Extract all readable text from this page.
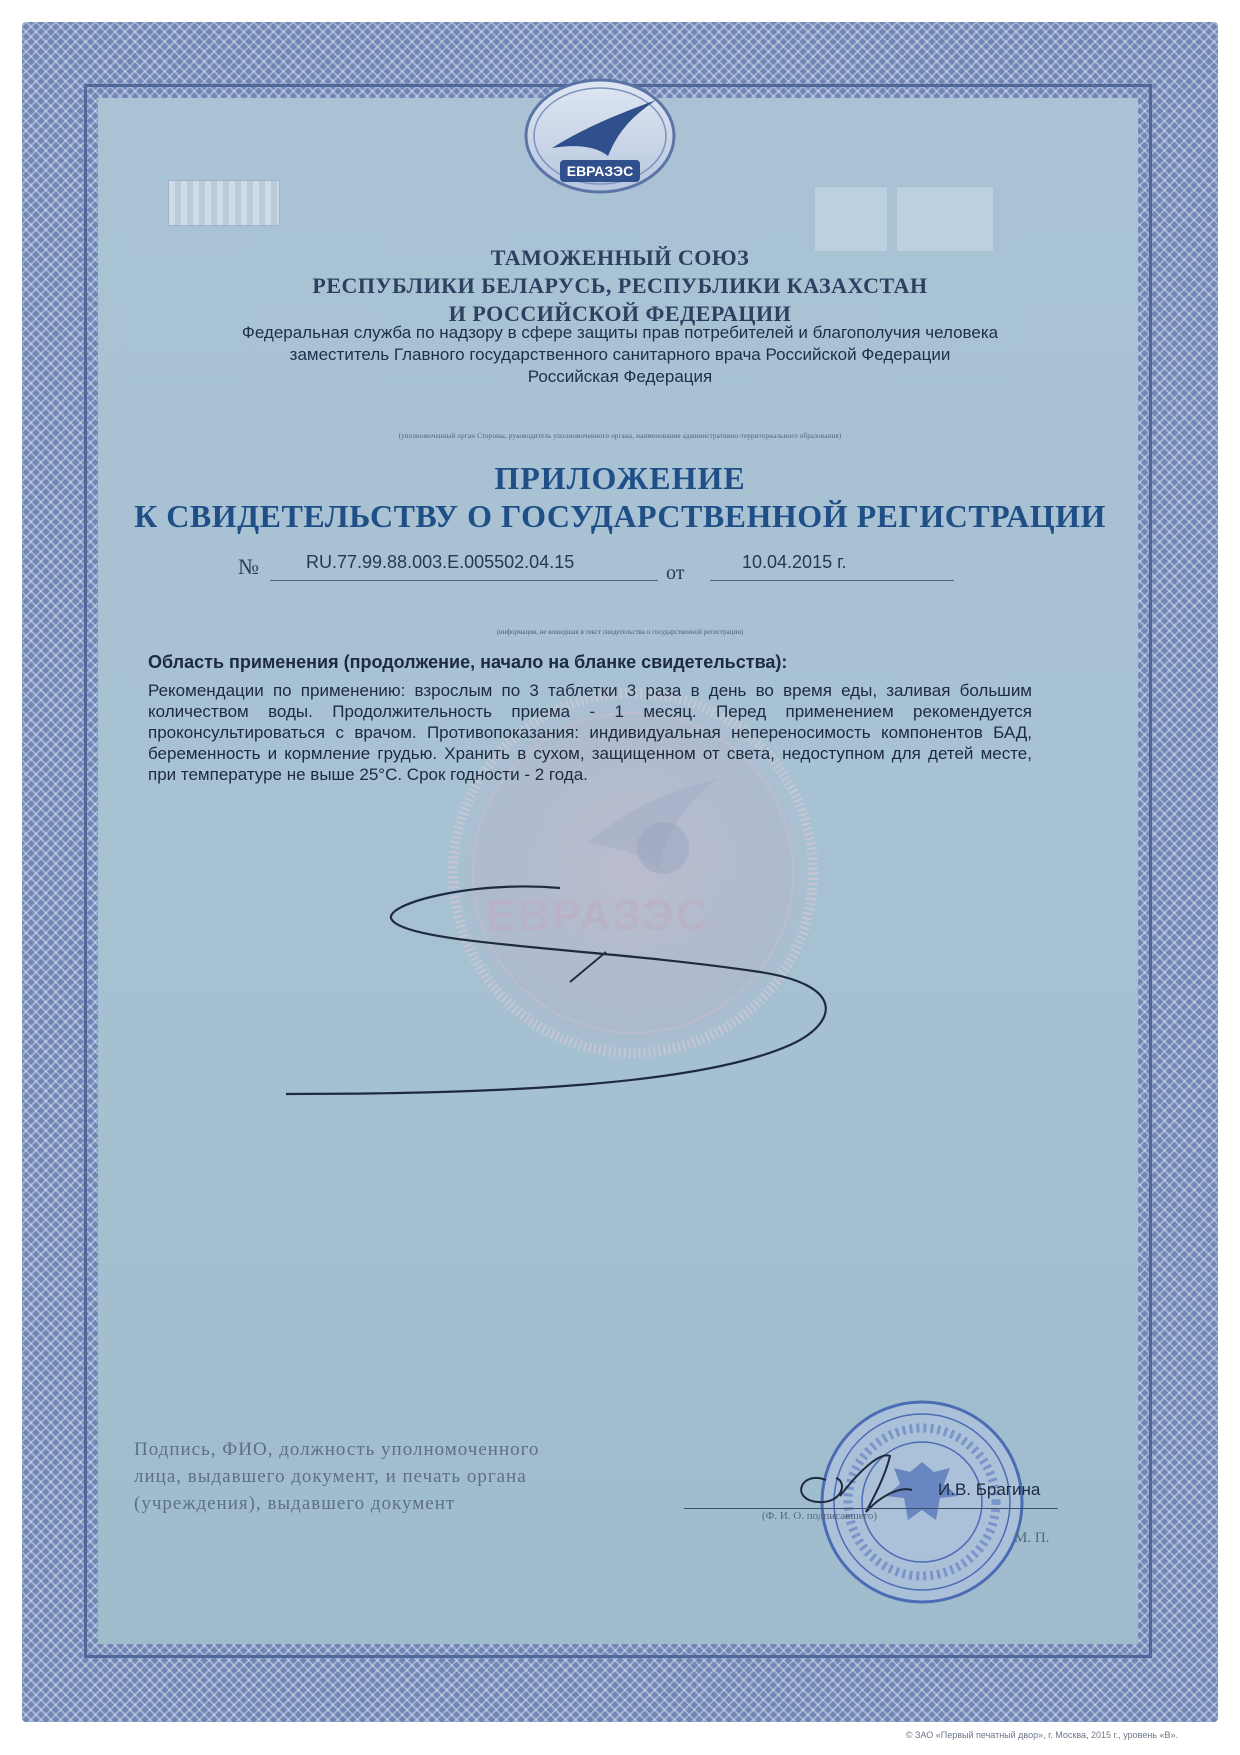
ЕВРАЗЭС
ТАМОЖЕННЫЙ СОЮЗ
РЕСПУБЛИКИ БЕЛАРУСЬ, РЕСПУБЛИКИ КАЗАХСТАН
И РОССИЙСКОЙ ФЕДЕРАЦИИ
Федеральная служба по надзору в сфере защиты прав потребителей и благополучия человека
заместитель Главного государственного санитарного врача Российской Федерации
Российская Федерация
(уполномоченный орган Стороны, руководитель уполномоченного органа, наименование административно-территориального образования)
ПРИЛОЖЕНИЕ
К СВИДЕТЕЛЬСТВУ О ГОСУДАРСТВЕННОЙ РЕГИСТРАЦИИ
№	RU.77.99.88.003.E.005502.04.15	от	10.04.2015 г.
(информация, не вошедшая в текст свидетельства о государственной регистрации)
Область применения (продолжение, начало на бланке свидетельства):
Рекомендации по применению: взрослым по 3 таблетки 3 раза в день во время еды, заливая большим количеством воды. Продолжительность приема - 1 месяц. Перед применением рекомендуется проконсультироваться с врачом. Противопоказания: индивидуальная непереносимость компонентов БАД, беременность и кормление грудью. Хранить в сухом, защищенном от света, недоступном для детей месте, при температуре не выше 25°С. Срок годности - 2 года.
ЕВРАЗЭС
Подпись, ФИО, должность уполномоченного
лица, выдавшего документ, и печать органа
(учреждения), выдавшего документ
И.В. Брагина
(Ф. И. О. подписавшего)
М. П.
© ЗАО «Первый печатный двор», г. Москва, 2015 г., уровень «В».
